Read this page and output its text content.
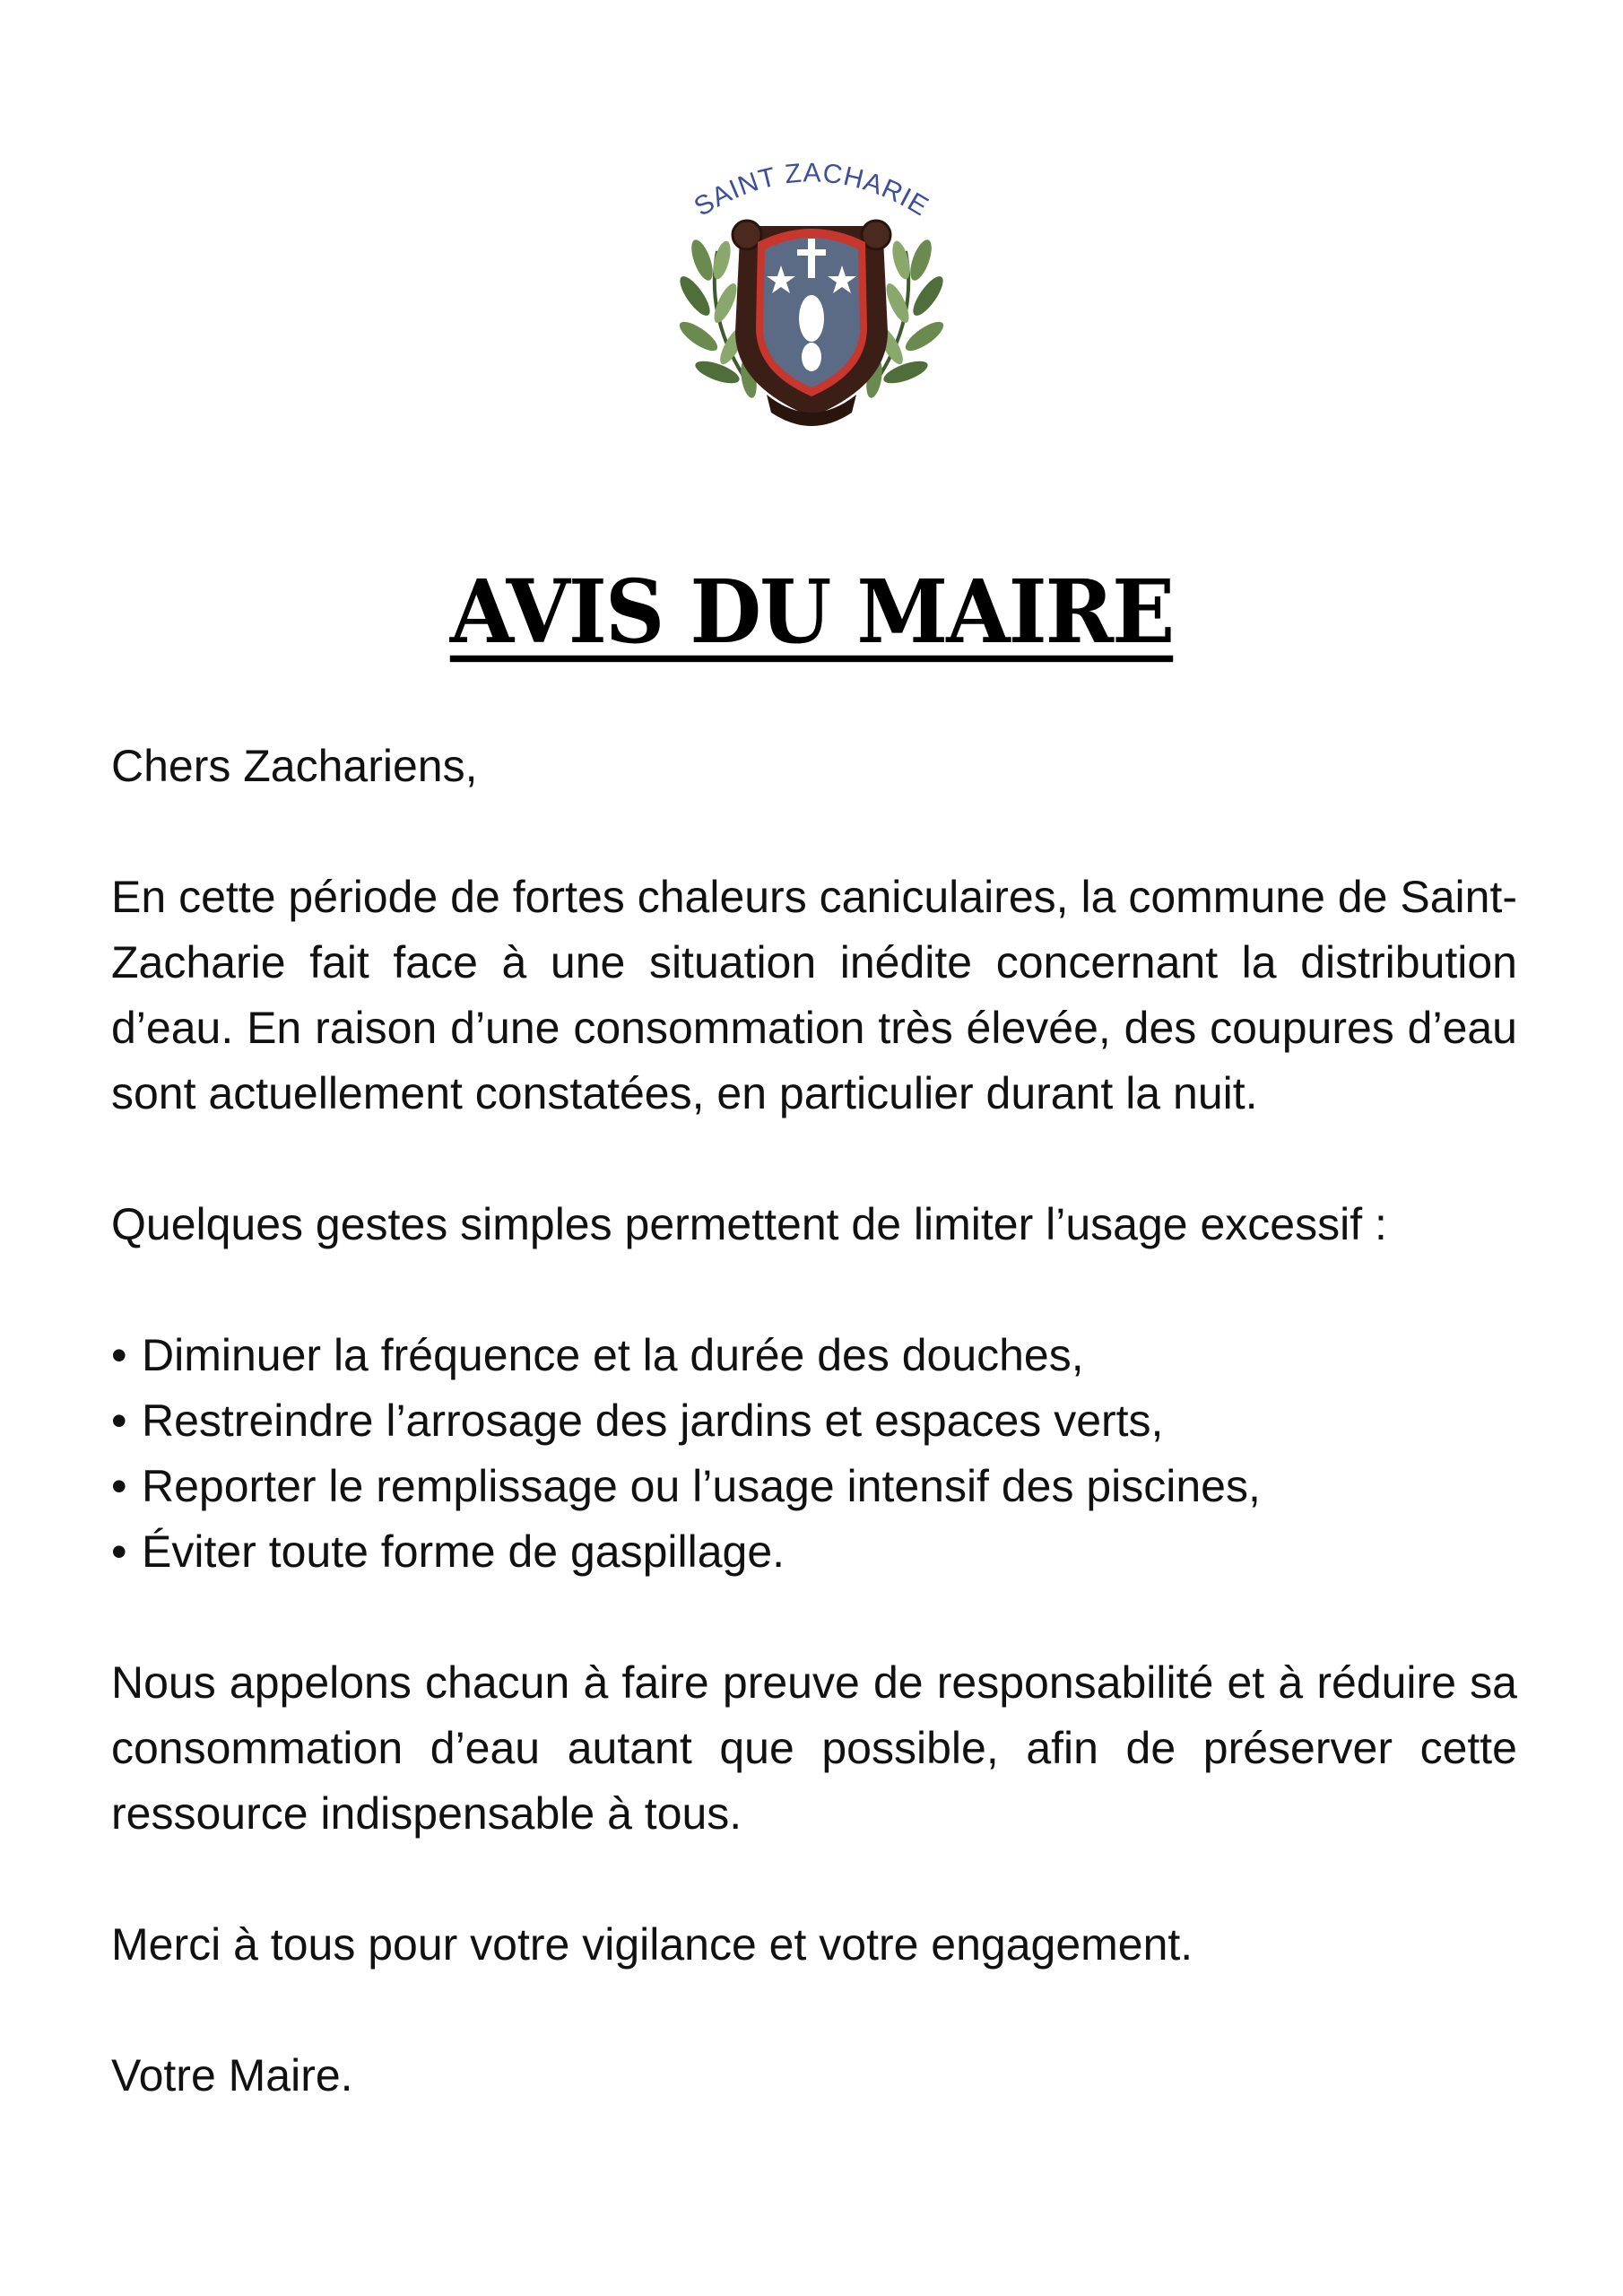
SAINT ZACHARIE
AVIS DU MAIRE

Chers Zachariens,

En cette période de fortes chaleurs caniculaires, la commune de Saint-Zacharie fait face à une situation inédite concernant la distribution d’eau. En raison d’une consommation très élevée, des coupures d’eau sont actuellement constatées, en particulier durant la nuit.

Quelques gestes simples permettent de limiter l’usage excessif :

• Diminuer la fréquence et la durée des douches,
• Restreindre l’arrosage des jardins et espaces verts,
• Reporter le remplissage ou l’usage intensif des piscines,
• Éviter toute forme de gaspillage.

Nous appelons chacun à faire preuve de responsabilité et à réduire sa consommation d’eau autant que possible, afin de préserver cette ressource indispensable à tous.

Merci à tous pour votre vigilance et votre engagement.

Votre Maire.
